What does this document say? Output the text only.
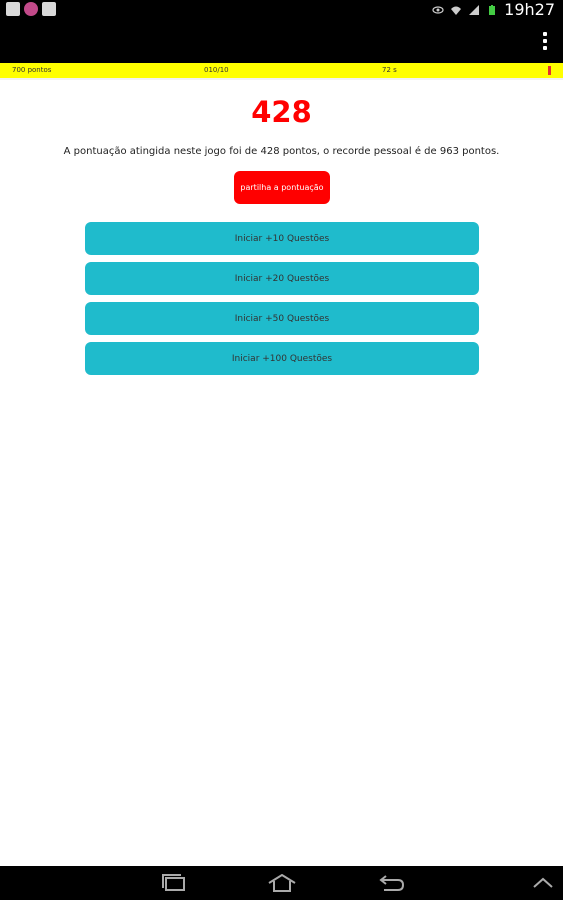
19h27
700 pontos	010/10	72 s
428
A pontuação atingida neste jogo foi de 428 pontos, o recorde pessoal é de 963 pontos.
partilha a pontuação
Iniciar +10 Questões
Iniciar +20 Questões
Iniciar +50 Questões
Iniciar +100 Questões
